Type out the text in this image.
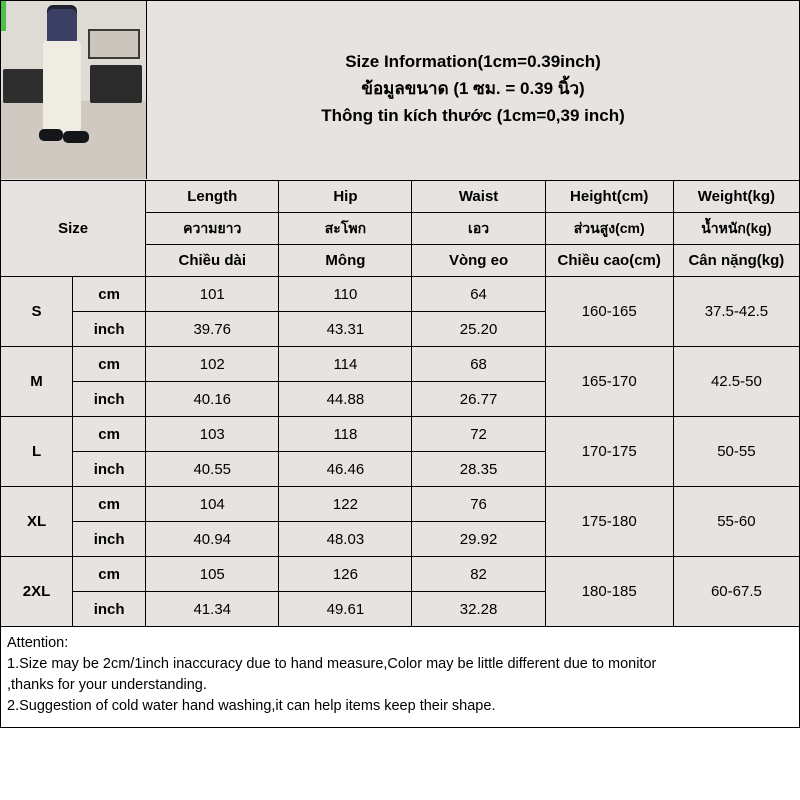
Size Information(1cm=0.39inch)
ข้อมูลขนาด (1 ซม. = 0.39 นิ้ว)
Thông tin kích thước (1cm=0,39 inch)
Size		Length	Hip	Waist	Height(cm)	Weight(kg)
		ความยาว	สะโพก	เอว	ส่วนสูง(cm)	น้ำหนัก(kg)
		Chiều dài	Mông	Vòng eo	Chiều cao(cm)	Cân nặng(kg)
S	cm	101	110	64	160-165	37.5-42.5
	inch	39.76	43.31	25.20		
M	cm	102	114	68	165-170	42.5-50
	inch	40.16	44.88	26.77		
L	cm	103	118	72	170-175	50-55
	inch	40.55	46.46	28.35		
XL	cm	104	122	76	175-180	55-60
	inch	40.94	48.03	29.92		
2XL	cm	105	126	82	180-185	60-67.5
	inch	41.34	49.61	32.28		
Attention:
1.Size may be 2cm/1inch inaccuracy due to hand measure,Color may be little different due to monitor
,thanks for your understanding.
2.Suggestion of cold water hand washing,it can help items keep their shape.
